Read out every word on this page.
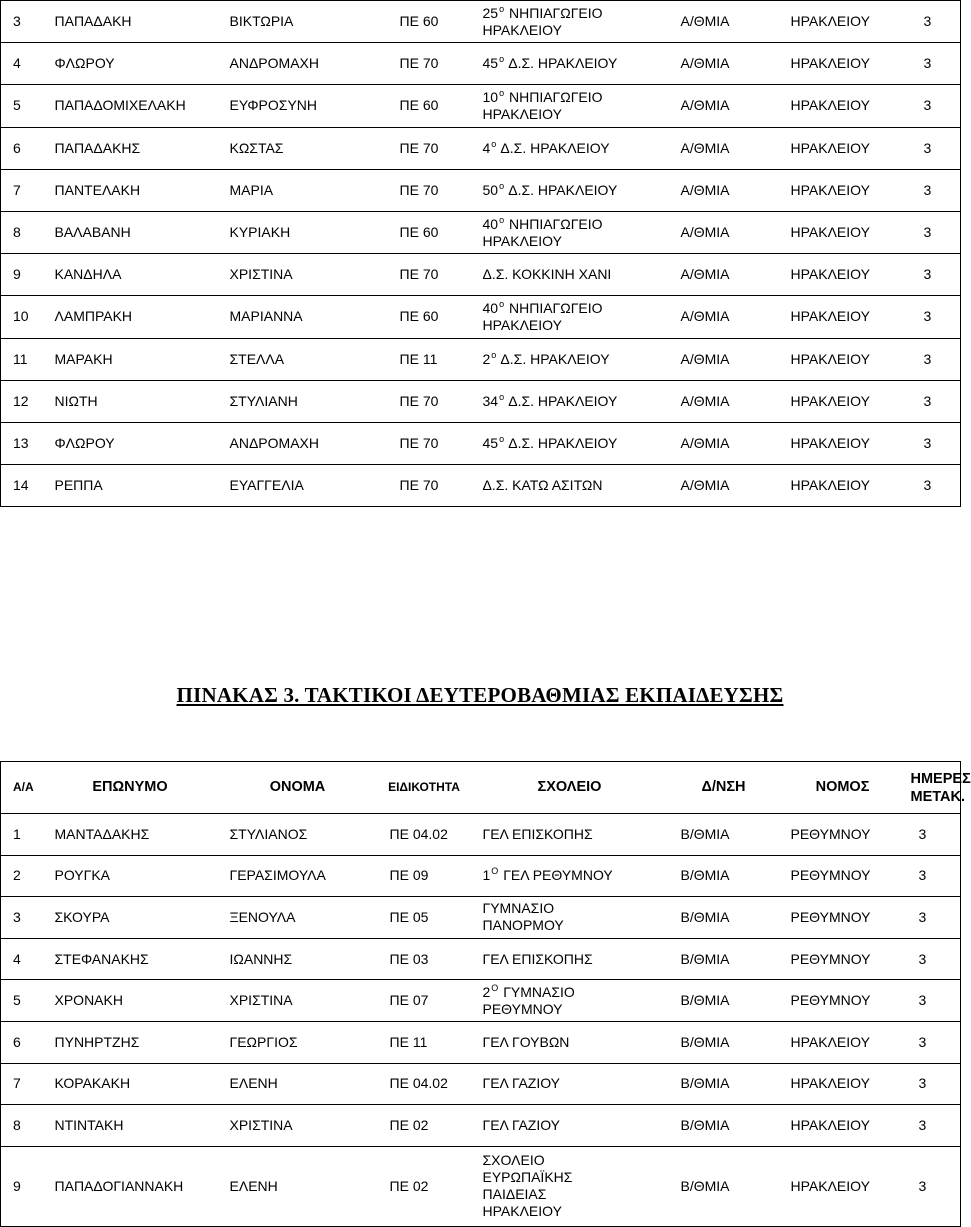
3	ΠΑΠΑΔΑΚΗ	ΒΙΚΤΩΡΙΑ	ΠΕ 60	$25^o$ ΝΗΠΙΑΓΩΓΕΙΟ
ΗΡΑΚΛΕΙΟΥ	Α/ΘΜΙΑ	ΗΡΑΚΛΕΙΟΥ	3
4	ΦΛΩΡΟΥ	ΑΝΔΡΟΜΑΧΗ	ΠΕ 70	$45^o$ Δ.Σ. ΗΡΑΚΛΕΙΟΥ	Α/ΘΜΙΑ	ΗΡΑΚΛΕΙΟΥ	3
5	ΠΑΠΑΔΟΜΙΧΕΛΑΚΗ	ΕΥΦΡΟΣΥΝΗ	ΠΕ 60	$10^o$ ΝΗΠΙΑΓΩΓΕΙΟ
ΗΡΑΚΛΕΙΟΥ	Α/ΘΜΙΑ	ΗΡΑΚΛΕΙΟΥ	3
6	ΠΑΠΑΔΑΚΗΣ	ΚΩΣΤΑΣ	ΠΕ 70	$4^o$ Δ.Σ. ΗΡΑΚΛΕΙΟΥ	Α/ΘΜΙΑ	ΗΡΑΚΛΕΙΟΥ	3
7	ΠΑΝΤΕΛΑΚΗ	ΜΑΡΙΑ	ΠΕ 70	$50^o$ Δ.Σ. ΗΡΑΚΛΕΙΟΥ	Α/ΘΜΙΑ	ΗΡΑΚΛΕΙΟΥ	3
8	ΒΑΛΑΒΑΝΗ	ΚΥΡΙΑΚΗ	ΠΕ 60	$40^o$ ΝΗΠΙΑΓΩΓΕΙΟ
ΗΡΑΚΛΕΙΟΥ	Α/ΘΜΙΑ	ΗΡΑΚΛΕΙΟΥ	3
9	ΚΑΝΔΗΛΑ	ΧΡΙΣΤΙΝΑ	ΠΕ 70	Δ.Σ. ΚΟΚΚΙΝΗ ΧΑΝΙ	Α/ΘΜΙΑ	ΗΡΑΚΛΕΙΟΥ	3
10	ΛΑΜΠΡΑΚΗ	ΜΑΡΙΑΝΝΑ	ΠΕ 60	$40^o$ ΝΗΠΙΑΓΩΓΕΙΟ
ΗΡΑΚΛΕΙΟΥ	Α/ΘΜΙΑ	ΗΡΑΚΛΕΙΟΥ	3
11	ΜΑΡΑΚΗ	ΣΤΕΛΛΑ	ΠΕ 11	$2^o$ Δ.Σ. ΗΡΑΚΛΕΙΟΥ	Α/ΘΜΙΑ	ΗΡΑΚΛΕΙΟΥ	3
12	ΝΙΩΤΗ	ΣΤΥΛΙΑΝΗ	ΠΕ 70	$34^o$ Δ.Σ. ΗΡΑΚΛΕΙΟΥ	Α/ΘΜΙΑ	ΗΡΑΚΛΕΙΟΥ	3
13	ΦΛΩΡΟΥ	ΑΝΔΡΟΜΑΧΗ	ΠΕ 70	$45^o$ Δ.Σ. ΗΡΑΚΛΕΙΟΥ	Α/ΘΜΙΑ	ΗΡΑΚΛΕΙΟΥ	3
14	ΡΕΠΠΑ	ΕΥΑΓΓΕΛΙΑ	ΠΕ 70	Δ.Σ. ΚΑΤΩ ΑΣΙΤΩΝ	Α/ΘΜΙΑ	ΗΡΑΚΛΕΙΟΥ	3
ΠΙΝΑΚΑΣ 3. ΤΑΚΤΙΚΟΙ ΔΕΥΤΕΡΟΒΑΘΜΙΑΣ ΕΚΠΑΙΔΕΥΣΗΣ
Α/Α	ΕΠΩΝΥΜΟ	ΟΝΟΜΑ	ΕΙΔΙΚΟΤΗΤΑ	ΣΧΟΛΕΙΟ	Δ/ΝΣΗ	ΝΟΜΟΣ	ΗΜΕΡΕΣ
ΜΕΤΑΚ.

1	ΜΑΝΤΑΔΑΚΗΣ	ΣΤΥΛΙΑΝΟΣ	ΠΕ 04.02	ΓΕΛ ΕΠΙΣΚΟΠΗΣ	Β/ΘΜΙΑ	ΡΕΘΥΜΝΟΥ	3
2	ΡΟΥΓΚΑ	ΓΕΡΑΣΙΜΟΥΛΑ	ΠΕ 09	$1^O$ ΓΕΛ ΡΕΘΥΜΝΟΥ	Β/ΘΜΙΑ	ΡΕΘΥΜΝΟΥ	3
3	ΣΚΟΥΡΑ	ΞΕΝΟΥΛΑ	ΠΕ 05	ΓΥΜΝΑΣΙΟ
ΠΑΝΟΡΜΟΥ	Β/ΘΜΙΑ	ΡΕΘΥΜΝΟΥ	3
4	ΣΤΕΦΑΝΑΚΗΣ	ΙΩΑΝΝΗΣ	ΠΕ 03	ΓΕΛ ΕΠΙΣΚΟΠΗΣ	Β/ΘΜΙΑ	ΡΕΘΥΜΝΟΥ	3
5	ΧΡΟΝΑΚΗ	ΧΡΙΣΤΙΝΑ	ΠΕ 07	$2^O$ ΓΥΜΝΑΣΙΟ
ΡΕΘΥΜΝΟΥ	Β/ΘΜΙΑ	ΡΕΘΥΜΝΟΥ	3
6	ΠΥΝΗΡΤΖΗΣ	ΓΕΩΡΓΙΟΣ	ΠΕ 11	ΓΕΛ ΓΟΥΒΩΝ	Β/ΘΜΙΑ	ΗΡΑΚΛΕΙΟΥ	3
7	ΚΟΡΑΚΑΚΗ	ΕΛΕΝΗ	ΠΕ 04.02	ΓΕΛ ΓΑΖΙΟΥ	Β/ΘΜΙΑ	ΗΡΑΚΛΕΙΟΥ	3
8	ΝΤΙΝΤΑΚΗ	ΧΡΙΣΤΙΝΑ	ΠΕ 02	ΓΕΛ ΓΑΖΙΟΥ	Β/ΘΜΙΑ	ΗΡΑΚΛΕΙΟΥ	3
9	ΠΑΠΑΔΟΓΙΑΝΝΑΚΗ	ΕΛΕΝΗ	ΠΕ 02	ΣΧΟΛΕΙΟ
ΕΥΡΩΠΑΪΚΗΣ
ΠΑΙΔΕΙΑΣ
ΗΡΑΚΛΕΙΟΥ	Β/ΘΜΙΑ	ΗΡΑΚΛΕΙΟΥ	3
